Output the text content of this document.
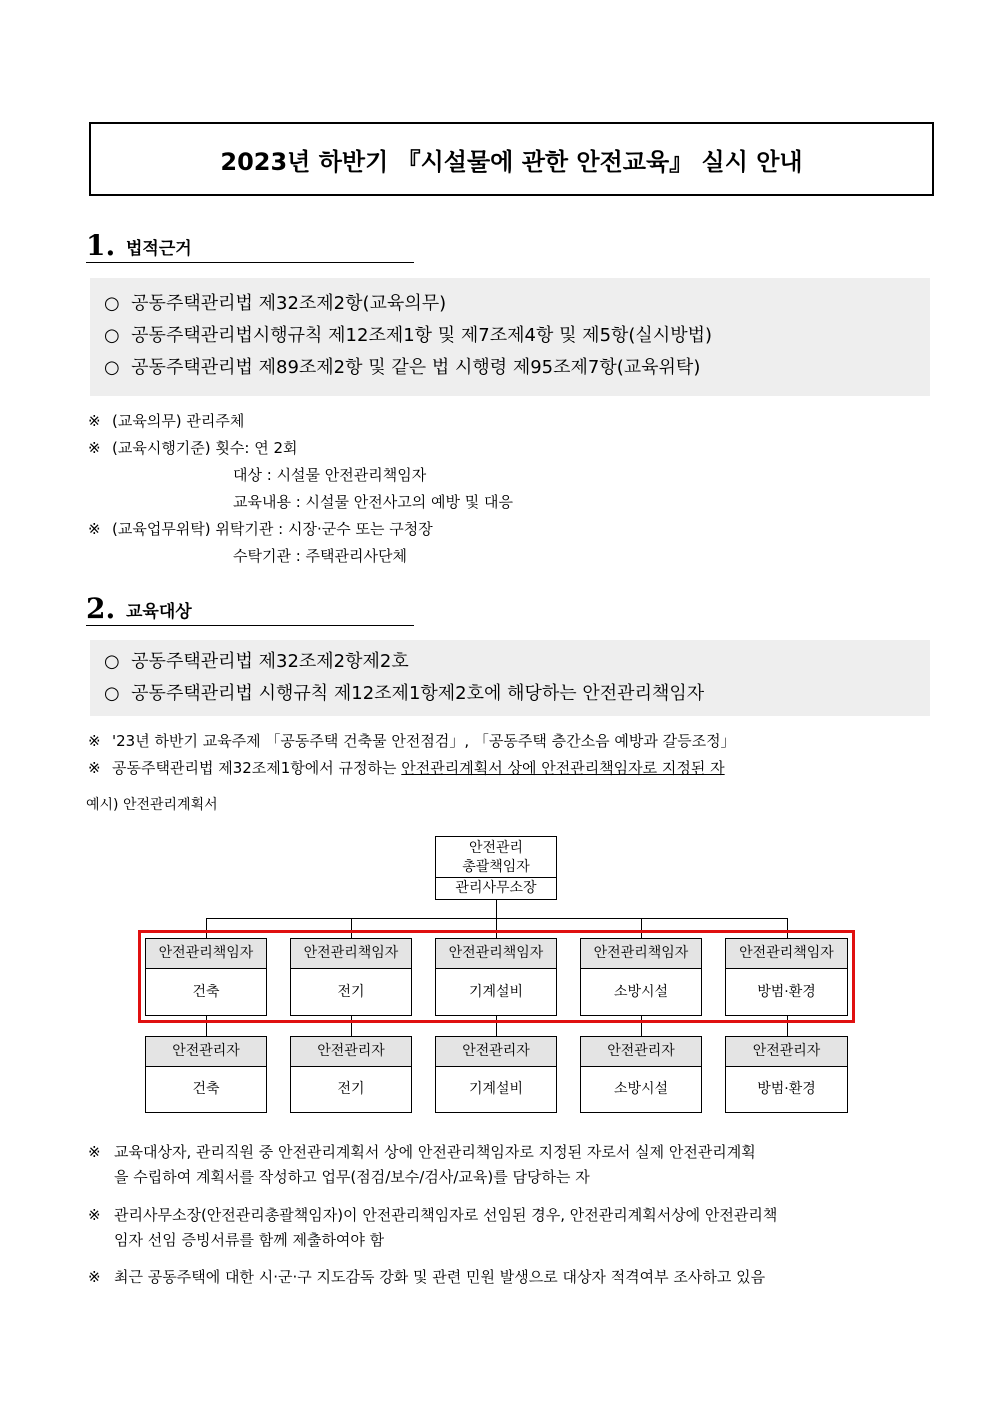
2023년 하반기 『시설물에 관한 안전교육』 실시 안내
1. 법적근거
○ 공동주택관리법 제32조제2항(교육의무)
○ 공동주택관리법시행규칙 제12조제1항 및 제7조제4항 및 제5항(실시방법)
○ 공동주택관리법 제89조제2항 및 같은 법 시행령 제95조제7항(교육위탁)
※ (교육의무) 관리주체
※ (교육시행기준) 횟수: 연 2회
대상 : 시설물 안전관리책임자
교육내용 : 시설물 안전사고의 예방 및 대응
※ (교육업무위탁) 위탁기관 : 시장·군수 또는 구청장
수탁기관 : 주택관리사단체
2. 교육대상
○ 공동주택관리법 제32조제2항제2호
○ 공동주택관리법 시행규칙 제12조제1항제2호에 해당하는 안전관리책임자
※ '23년 하반기 교육주제 「공동주택 건축물 안전점검」, 「공동주택 층간소음 예방과 갈등조정」
※ 공동주택관리법 제32조제1항에서 규정하는 안전관리계획서 상에 안전관리책임자로 지정된 자
예시) 안전관리계획서
안전관리
총괄책임자
관리사무소장
안전관리책임자
건축
안전관리책임자
전기
안전관리책임자
기계설비
안전관리책임자
소방시설
안전관리책임자
방범·환경
안전관리자
건축
안전관리자
전기
안전관리자
기계설비
안전관리자
소방시설
안전관리자
방범·환경
※ 교육대상자, 관리직원 중 안전관리계획서 상에 안전관리책임자로 지정된 자로서 실제 안전관리계획
을 수립하여 계획서를 작성하고 업무(점검/보수/검사/교육)를 담당하는 자
※ 관리사무소장(안전관리총괄책임자)이 안전관리책임자로 선임된 경우, 안전관리계획서상에 안전관리책
임자 선임 증빙서류를 함께 제출하여야 함
※ 최근 공동주택에 대한 시·군·구 지도감독 강화 및 관련 민원 발생으로 대상자 적격여부 조사하고 있음
